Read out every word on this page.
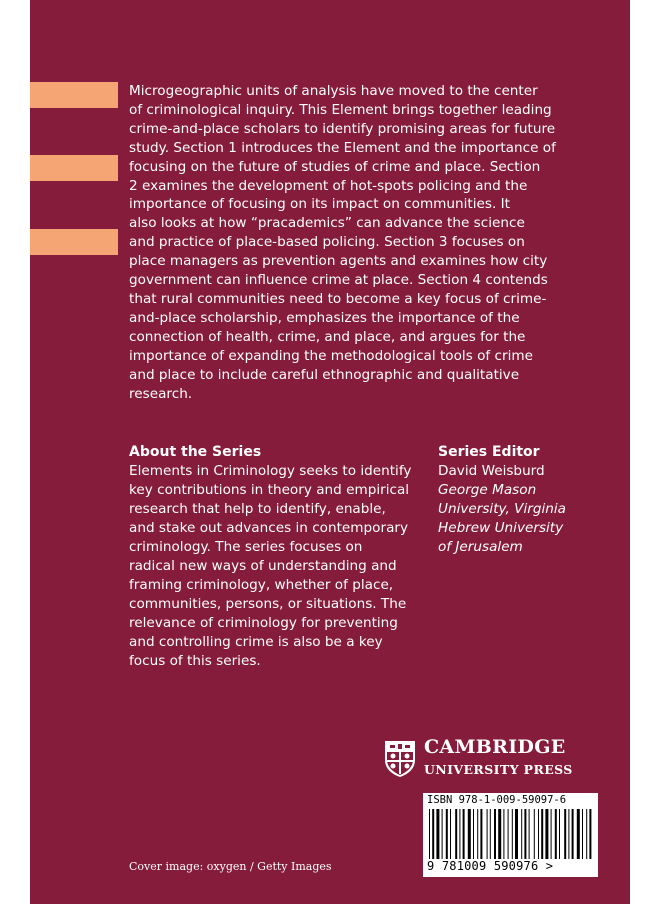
Microgeographic units of analysis have moved to the center
of criminological inquiry. This Element brings together leading
crime-and-place scholars to identify promising areas for future
study. Section 1 introduces the Element and the importance of
focusing on the future of studies of crime and place. Section
2 examines the development of hot-spots policing and the
importance of focusing on its impact on communities. It
also looks at how “pracademics” can advance the science
and practice of place-based policing. Section 3 focuses on
place managers as prevention agents and examines how city
government can influence crime at place. Section 4 contends
that rural communities need to become a key focus of crime-
and-place scholarship, emphasizes the importance of the
connection of health, crime, and place, and argues for the
importance of expanding the methodological tools of crime
and place to include careful ethnographic and qualitative
research.

About the Series

Elements in Criminology seeks to identify
key contributions in theory and empirical
research that help to identify, enable,
and stake out advances in contemporary
criminology. The series focuses on
radical new ways of understanding and
framing criminology, whether of place,
communities, persons, or situations. The
relevance of criminology for preventing
and controlling crime is also be a key
focus of this series.

Series Editor
David Weisburd
George Mason
University, Virginia
Hebrew University
of Jerusalem
CAMBRIDGE
UNIVERSITY PRESS
ISBN 978-1-009-59097-6
9 781009 590976 >
Cover image: oxygen / Getty Images
